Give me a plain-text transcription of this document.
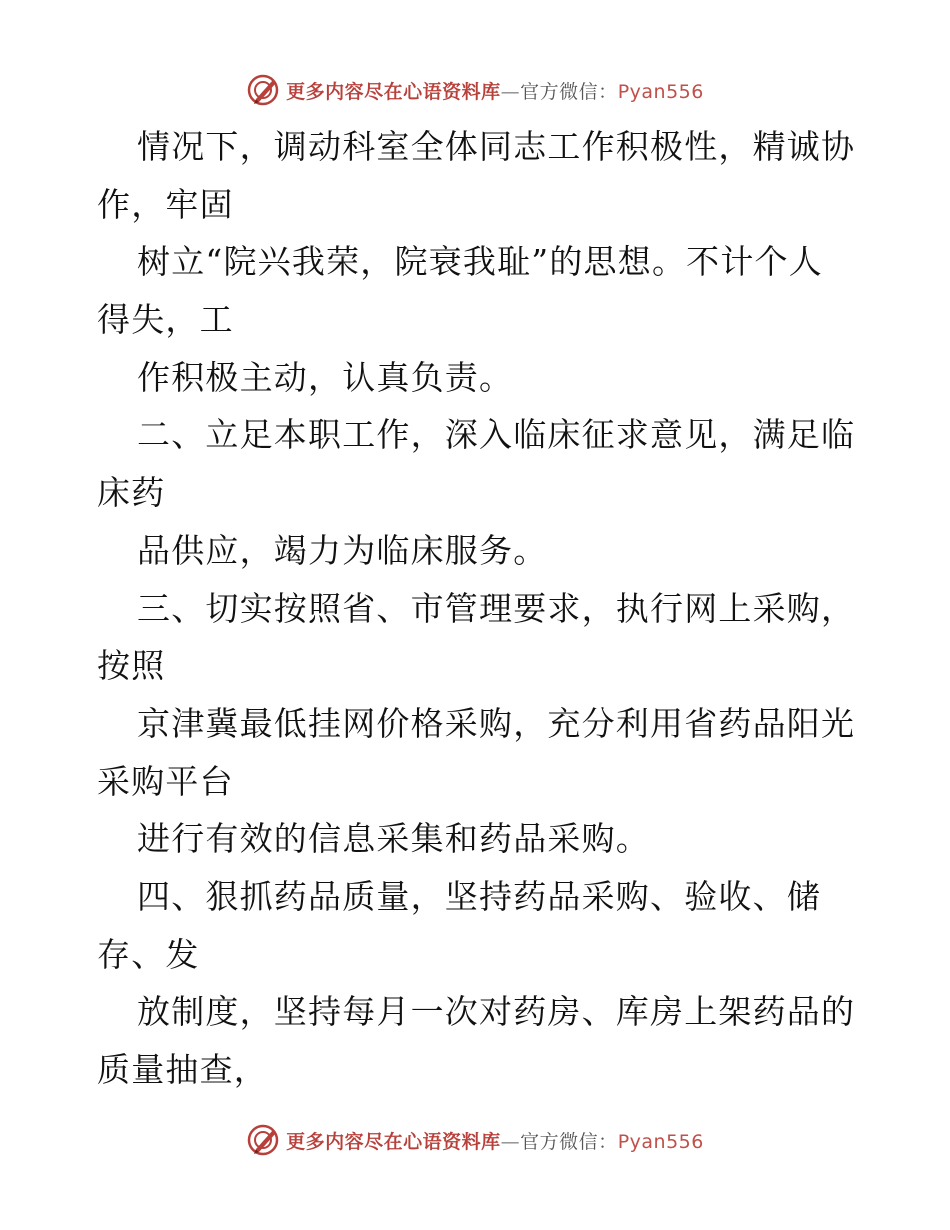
更多内容尽在心语资料库—官方微信：Pyan556
情况下，调动科室全体同志工作积极性，精诚协
作，牢固
树立“院兴我荣，院衰我耻”的思想。不计个人
得失，工
作积极主动，认真负责。
二、立足本职工作，深入临床征求意见，满足临
床药
品供应，竭力为临床服务。
三、切实按照省、市管理要求，执行网上采购，
按照
京津冀最低挂网价格采购，充分利用省药品阳光
采购平台
进行有效的信息采集和药品采购。
四、狠抓药品质量，坚持药品采购、验收、储
存、发
放制度，坚持每月一次对药房、库房上架药品的
质量抽查，
更多内容尽在心语资料库—官方微信：Pyan556
